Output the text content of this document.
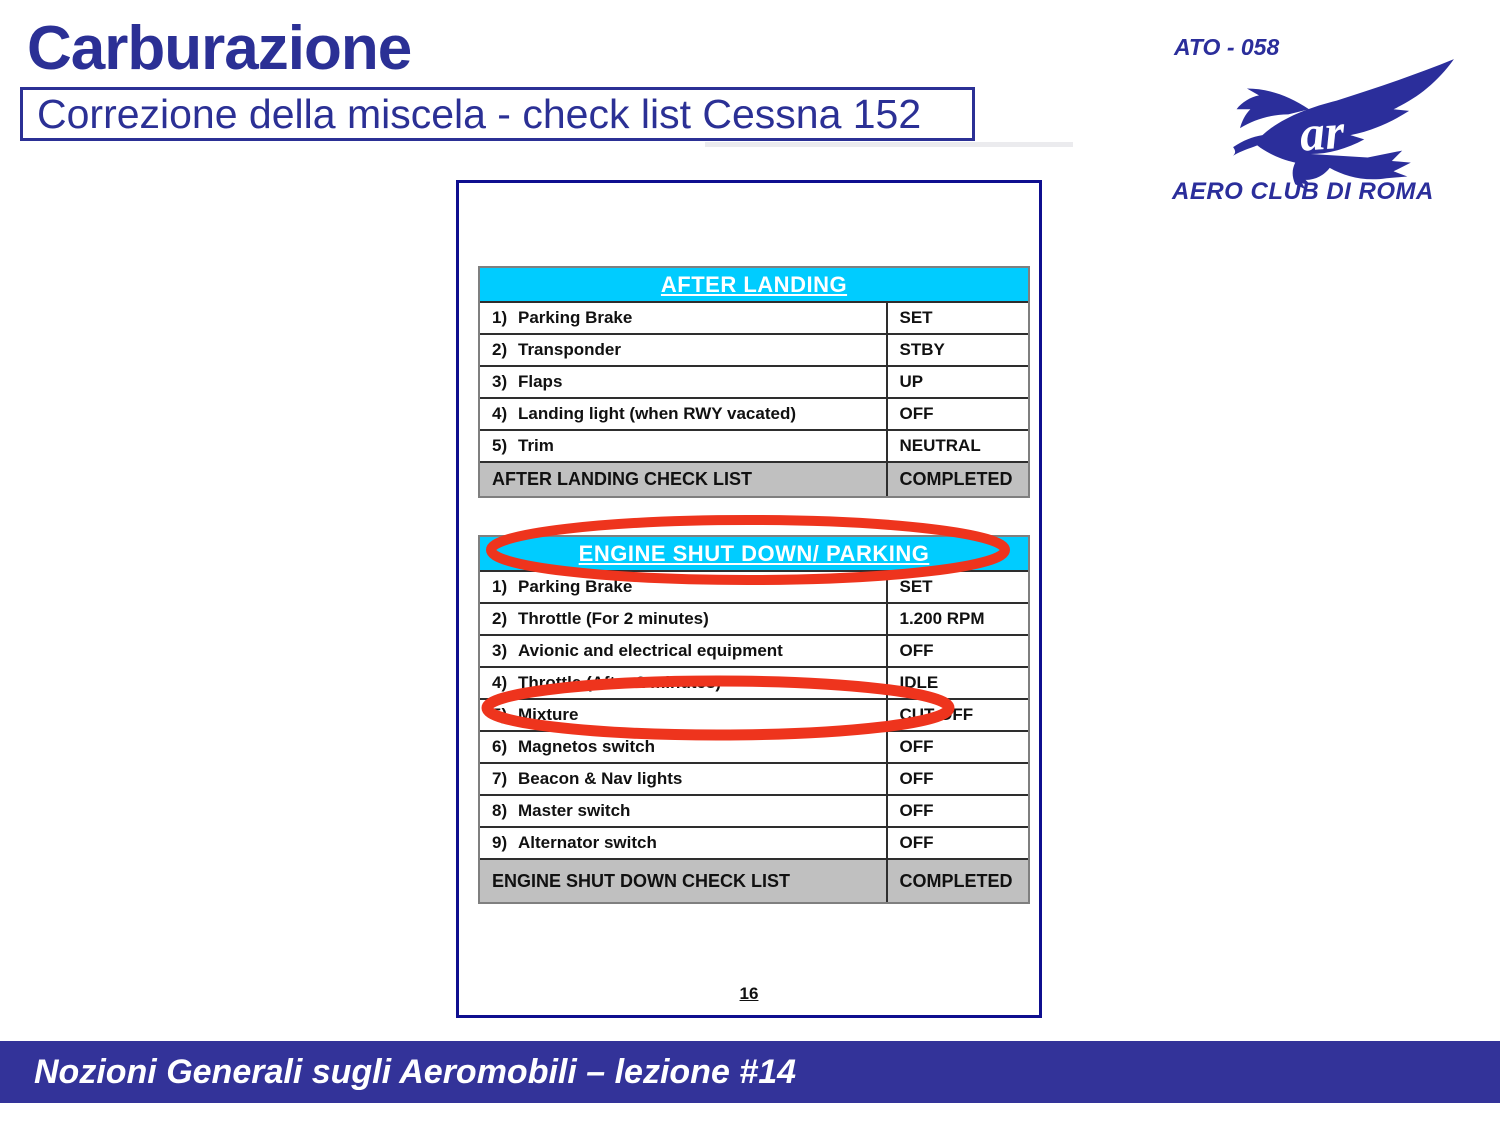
Carburazione
Correzione della miscela - check list Cessna 152
ATO - 058
ar
AERO CLUB DI ROMA
AFTER LANDING
1) Parking Brake	SET
2) Transponder	STBY
3) Flaps	UP
4) Landing light (when RWY vacated)	OFF
5) Trim	NEUTRAL
AFTER LANDING CHECK LIST	COMPLETED
ENGINE SHUT DOWN/ PARKING
1) Parking Brake	SET
2) Throttle (For 2 minutes)	1.200 RPM
3) Avionic and electrical equipment	OFF
4) Throttle (After 2 minutes)	IDLE
5) Mixture	CUT OFF
6) Magnetos switch	OFF
7) Beacon & Nav lights	OFF
8) Master switch	OFF
9) Alternator switch	OFF
ENGINE SHUT DOWN CHECK LIST	COMPLETED
16
Nozioni Generali sugli Aeromobili – lezione #14
